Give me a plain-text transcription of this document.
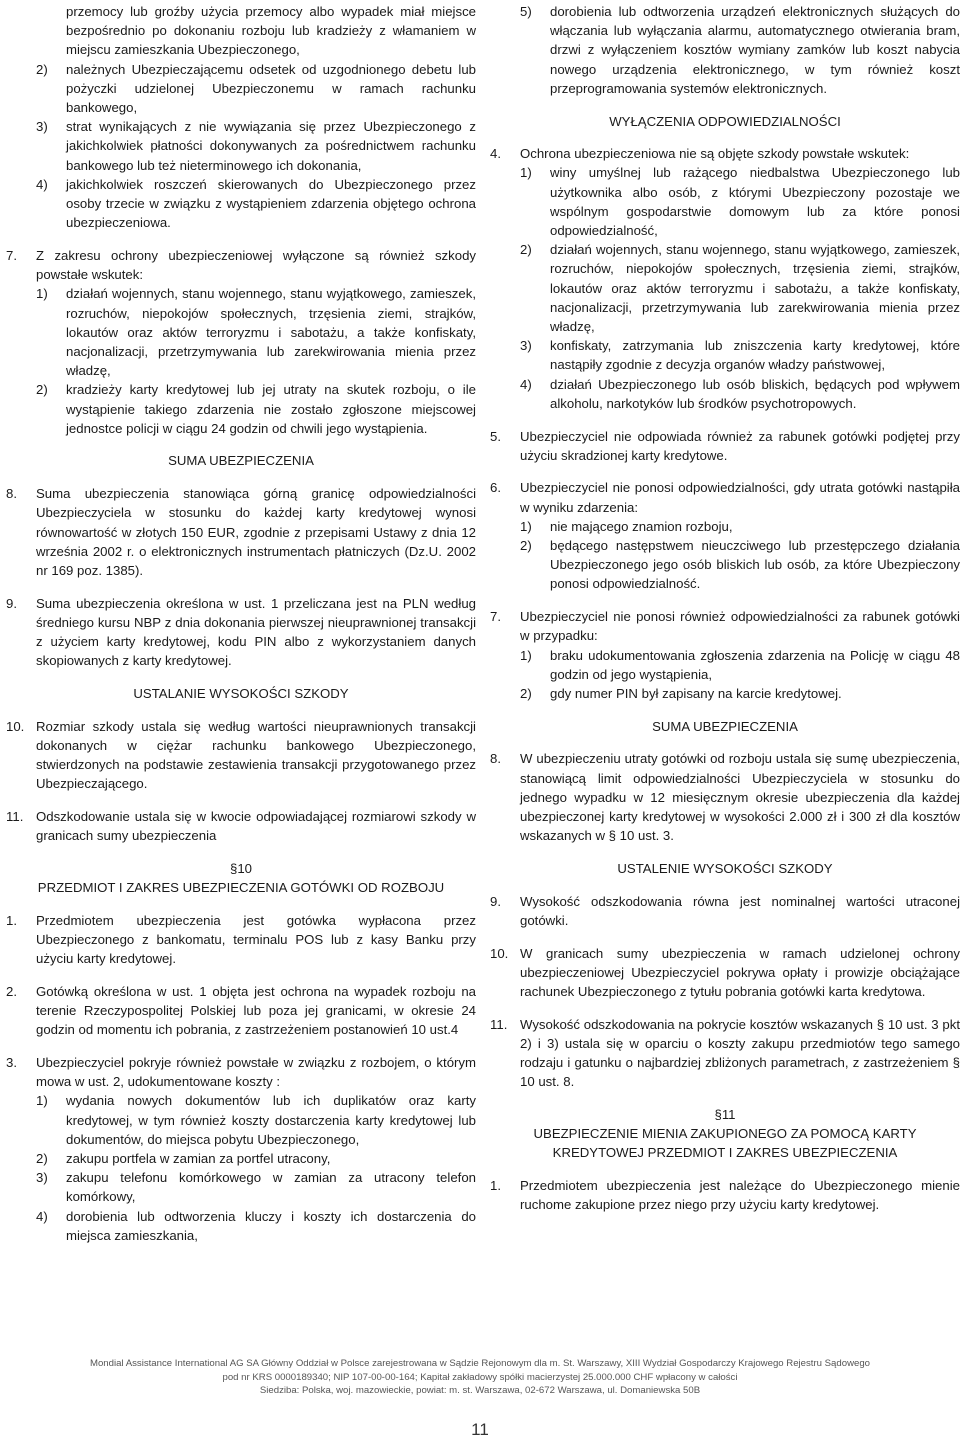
przemocy lub groźby użycia przemocy albo wypadek miał miejsce bezpośrednio po dokonaniu rozboju lub kradzieży z włamaniem w miejscu zamieszkania Ubezpieczonego,
2)	należnych Ubezpieczającemu odsetek od uzgodnionego debetu lub pożyczki udzielonej Ubezpieczonemu w ramach rachunku bankowego,
3)	strat wynikających z nie wywiązania się przez Ubezpieczonego z jakichkolwiek płatności dokonywanych za pośrednictwem rachunku bankowego lub też nieterminowego ich dokonania,
4)	jakichkolwiek roszczeń skierowanych do Ubezpieczonego przez osoby trzecie w związku z wystąpieniem zdarzenia objętego ochrona ubezpieczeniowa.
7.	Z zakresu ochrony ubezpieczeniowej wyłączone są również szkody powstałe wskutek:
1)	działań wojennych, stanu wojennego, stanu wyjątkowego, zamieszek, rozruchów, niepokojów społecznych, trzęsienia ziemi, strajków, lokautów oraz aktów terroryzmu i sabotażu, a także konfiskaty, nacjonalizacji, przetrzymywania lub zarekwirowania mienia przez władzę,
2)	kradzieży karty kredytowej lub jej utraty na skutek rozboju, o ile wystąpienie takiego zdarzenia nie zostało zgłoszone miejscowej jednostce policji w ciągu 24 godzin od chwili jego wystąpienia.
SUMA UBEZPIECZENIA
8.	Suma ubezpieczenia stanowiąca górną granicę odpowiedzialności Ubezpieczyciela w stosunku do każdej karty kredytowej wynosi równowartość w złotych 150 EUR, zgodnie z przepisami Ustawy z dnia 12 września 2002 r. o elektronicznych instrumentach płatniczych (Dz.U. 2002 nr 169 poz. 1385).
9.	Suma ubezpieczenia określona w ust. 1 przeliczana jest na PLN według średniego kursu NBP z dnia dokonania pierwszej nieuprawnionej transakcji z użyciem karty kredytowej, kodu PIN albo z wykorzystaniem danych skopiowanych z karty kredytowej.
USTALANIE WYSOKOŚCI SZKODY
10. Rozmiar szkody ustala się według wartości nieuprawnionych transakcji dokonanych w ciężar rachunku bankowego Ubezpieczonego, stwierdzonych na podstawie zestawienia transakcji przygotowanego przez Ubezpieczającego.
11. Odszkodowanie ustala się w kwocie odpowiadającej rozmiarowi szkody w granicach sumy ubezpieczenia
§10
PRZEDMIOT I ZAKRES UBEZPIECZENIA GOTÓWKI OD ROZBOJU
1.	Przedmiotem ubezpieczenia jest gotówka wypłacona przez Ubezpieczonego z bankomatu, terminalu POS lub z kasy Banku przy użyciu karty kredytowej.
2.	Gotówką określona w ust. 1 objęta jest ochrona na wypadek rozboju na terenie Rzeczypospolitej Polskiej lub poza jej granicami, w okresie 24 godzin od momentu ich pobrania, z zastrzeżeniem postanowień 10 ust.4
3.	Ubezpieczyciel pokryje również powstałe w związku z rozbojem, o którym mowa w ust. 2, udokumentowane koszty :
1)	wydania nowych dokumentów lub ich duplikatów oraz karty kredytowej, w tym również koszty dostarczenia karty kredytowej lub dokumentów, do miejsca pobytu Ubezpieczonego,
2)	zakupu portfela w zamian za portfel utracony,
3)	zakupu telefonu komórkowego w zamian za utracony telefon komórkowy,
4)	dorobienia lub odtworzenia kluczy i koszty ich dostarczenia do miejsca zamieszkania,
5)	dorobienia lub odtworzenia urządzeń elektronicznych służących do włączania lub wyłączania alarmu, automatycznego otwierania bram, drzwi z wyłączeniem kosztów wymiany zamków lub koszt nabycia nowego urządzenia elektronicznego, w tym również koszt przeprogramowania systemów elektronicznych.
WYŁĄCZENIA ODPOWIEDZIALNOŚCI
4.	Ochrona ubezpieczeniowa nie są objęte szkody powstałe wskutek:
1)	winy umyślnej lub rażącego niedbalstwa Ubezpieczonego lub użytkownika albo osób, z którymi Ubezpieczony pozostaje we wspólnym gospodarstwie domowym lub za które ponosi odpowiedzialność,
2)	działań wojennych, stanu wojennego, stanu wyjątkowego, zamieszek, rozruchów, niepokojów społecznych, trzęsienia ziemi, strajków, lokautów oraz aktów terroryzmu i sabotażu, a także konfiskaty, nacjonalizacji, przetrzymywania lub zarekwirowania mienia przez władzę,
3)	konfiskaty, zatrzymania lub zniszczenia karty kredytowej, które nastąpiły zgodnie z decyzja organów władzy państwowej,
4)	działań Ubezpieczonego lub osób bliskich, będących pod wpływem alkoholu, narkotyków lub środków psychotropowych.
5.	Ubezpieczyciel nie odpowiada również za rabunek gotówki podjętej przy użyciu skradzionej karty kredytowe.
6.	Ubezpieczyciel nie ponosi odpowiedzialności, gdy utrata gotówki nastąpiła w wyniku zdarzenia:
1)	nie mającego znamion rozboju,
2)	będącego następstwem nieuczciwego lub przestępczego działania Ubezpieczonego jego osób bliskich lub osób, za które Ubezpieczony ponosi odpowiedzialność.
7.	Ubezpieczyciel nie ponosi również odpowiedzialności za rabunek gotówki w przypadku:
1)	braku udokumentowania zgłoszenia zdarzenia na Policję w ciągu 48 godzin od jego wystąpienia,
2)	gdy numer PIN był zapisany na karcie kredytowej.
SUMA UBEZPIECZENIA
8.	W ubezpieczeniu utraty gotówki od rozboju ustala się sumę ubezpieczenia, stanowiącą limit odpowiedzialności Ubezpieczyciela w stosunku do jednego wypadku w 12 miesięcznym okresie ubezpieczenia dla każdej ubezpieczonej karty kredytowej w wysokości 2.000 zł i 300 zł dla kosztów wskazanych w § 10 ust. 3.
USTALENIE WYSOKOŚCI SZKODY
9.	Wysokość odszkodowania równa jest nominalnej wartości utraconej gotówki.
10. W granicach sumy ubezpieczenia w ramach udzielonej ochrony ubezpieczeniowej Ubezpieczyciel pokrywa opłaty i prowizje obciążające rachunek Ubezpieczonego z tytułu pobrania gotówki karta kredytowa.
11. Wysokość odszkodowania na pokrycie kosztów wskazanych § 10 ust. 3 pkt 2) i 3) ustala się w oparciu o koszty zakupu przedmiotów tego samego rodzaju i gatunku o najbardziej zbliżonych parametrach, z zastrzeżeniem § 10 ust. 8.
§11
UBEZPIECZENIE MIENIA ZAKUPIONEGO ZA POMOCĄ KARTY KREDYTOWEJ PRZEDMIOT I ZAKRES UBEZPIECZENIA
1.	Przedmiotem ubezpieczenia jest należące do Ubezpieczonego mienie ruchome zakupione przez niego przy użyciu karty kredytowej.
Mondial Assistance International AG SA Główny Oddział w Polsce zarejestrowana w Sądzie Rejonowym dla m. St. Warszawy, XIII Wydział Gospodarczy Krajowego Rejestru Sądowego
pod nr KRS 0000189340; NIP 107-00-00-164; Kapitał zakładowy spółki macierzystej 25.000.000 CHF wpłacony w całości
Siedziba: Polska, woj. mazowieckie, powiat: m. st. Warszawa, 02-672 Warszawa, ul. Domaniewska 50B
11
